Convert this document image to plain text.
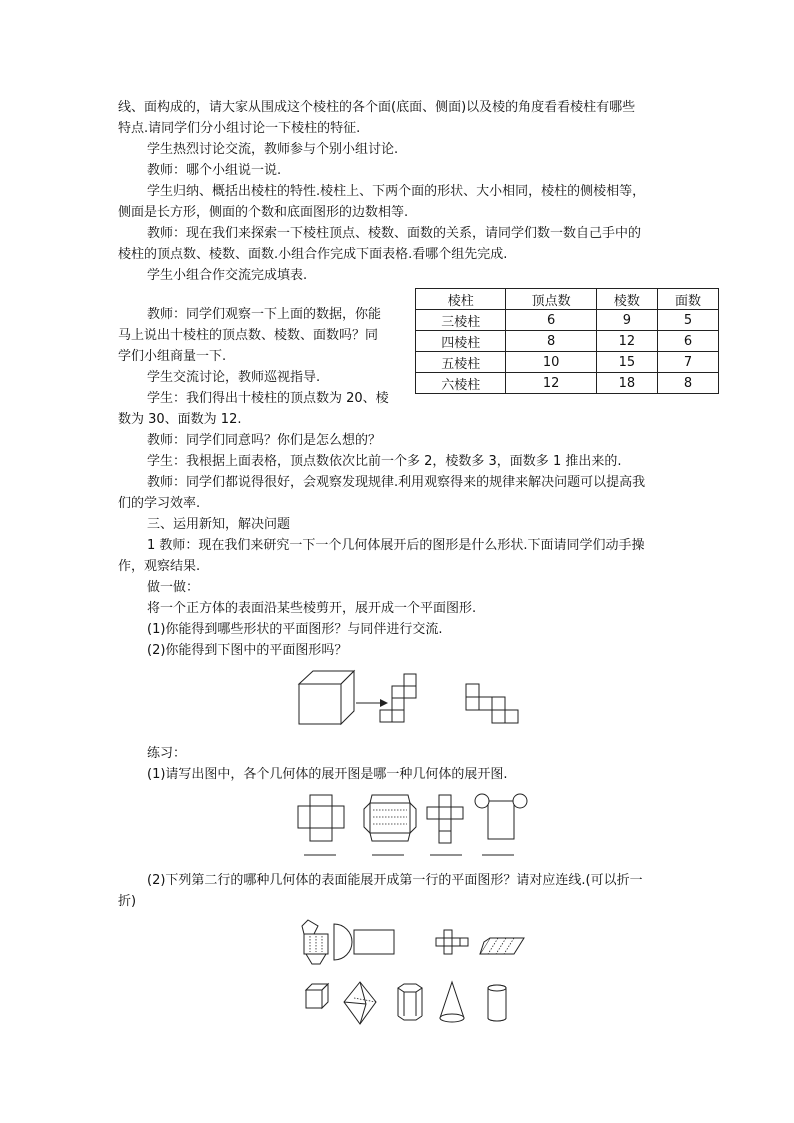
线、面构成的，请大家从围成这个棱柱的各个面(底面、侧面)以及棱的角度看看棱柱有哪些

特点.请同学们分小组讨论一下棱柱的特征.

学生热烈讨论交流，教师参与个别小组讨论.

教师：哪个小组说一说.

学生归纳、概括出棱柱的特性.棱柱上、下两个面的形状、大小相同，棱柱的侧棱相等，

侧面是长方形，侧面的个数和底面图形的边数相等.

教师：现在我们来探索一下棱柱顶点、棱数、面数的关系，请同学们数一数自己手中的

棱柱的顶点数、棱数、面数.小组合作完成下面表格.看哪个组先完成.

学生小组合作交流完成填表.

教师：同学们观察一下上面的数据，你能

马上说出十棱柱的顶点数、棱数、面数吗？同

学们小组商量一下.

学生交流讨论，教师巡视指导.

学生：我们得出十棱柱的顶点数为 20、棱

数为 30、面数为 12.

教师：同学们同意吗？你们是怎么想的？

学生：我根据上面表格，顶点数依次比前一个多 2，棱数多 3，面数多 1 推出来的.

教师：同学们都说得很好，会观察发现规律.利用观察得来的规律来解决问题可以提高我

们的学习效率.

三、运用新知，解决问题

1 教师：现在我们来研究一下一个几何体展开后的图形是什么形状.下面请同学们动手操

作，观察结果.

做一做：

将一个正方体的表面沿某些棱剪开，展开成一个平面图形.

(1)你能得到哪些形状的平面图形？与同伴进行交流.

(2)你能得到下图中的平面图形吗？

练习：

(1)请写出图中，各个几何体的展开图是哪一种几何体的展开图.

(2)下列第二行的哪种几何体的表面能展开成第一行的平面图形？请对应连线.(可以折一

折)

棱柱	顶点数	棱数	面数
三棱柱	6	9	5
四棱柱	8	12	6
五棱柱	10	15	7
六棱柱	12	18	8
